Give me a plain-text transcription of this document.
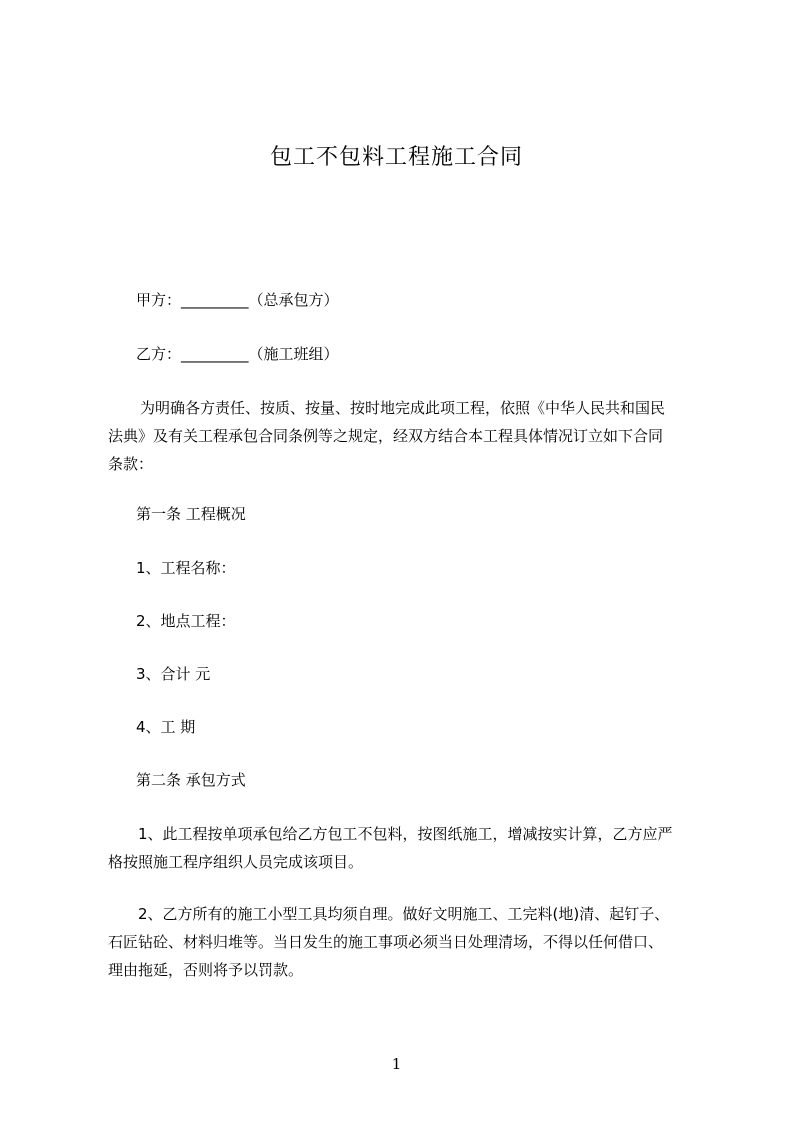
包工不包料工程施工合同
甲方：_________（总承包方）
乙方：_________（施工班组）
为明确各方责任、按质、按量、按时地完成此项工程，依照《中华人民共和国民
法典》及有关工程承包合同条例等之规定，经双方结合本工程具体情况订立如下合同
条款：
第一条 工程概况
1、工程名称：
2、地点工程：
3、合计 元
4、工 期
第二条 承包方式
1、此工程按单项承包给乙方包工不包料，按图纸施工，增减按实计算，乙方应严
格按照施工程序组织人员完成该项目。
2、乙方所有的施工小型工具均须自理。做好文明施工、工完料(地)清、起钉子、
石匠钻砼、材料归堆等。当日发生的施工事项必须当日处理清场，不得以任何借口、
理由拖延，否则将予以罚款。
1
